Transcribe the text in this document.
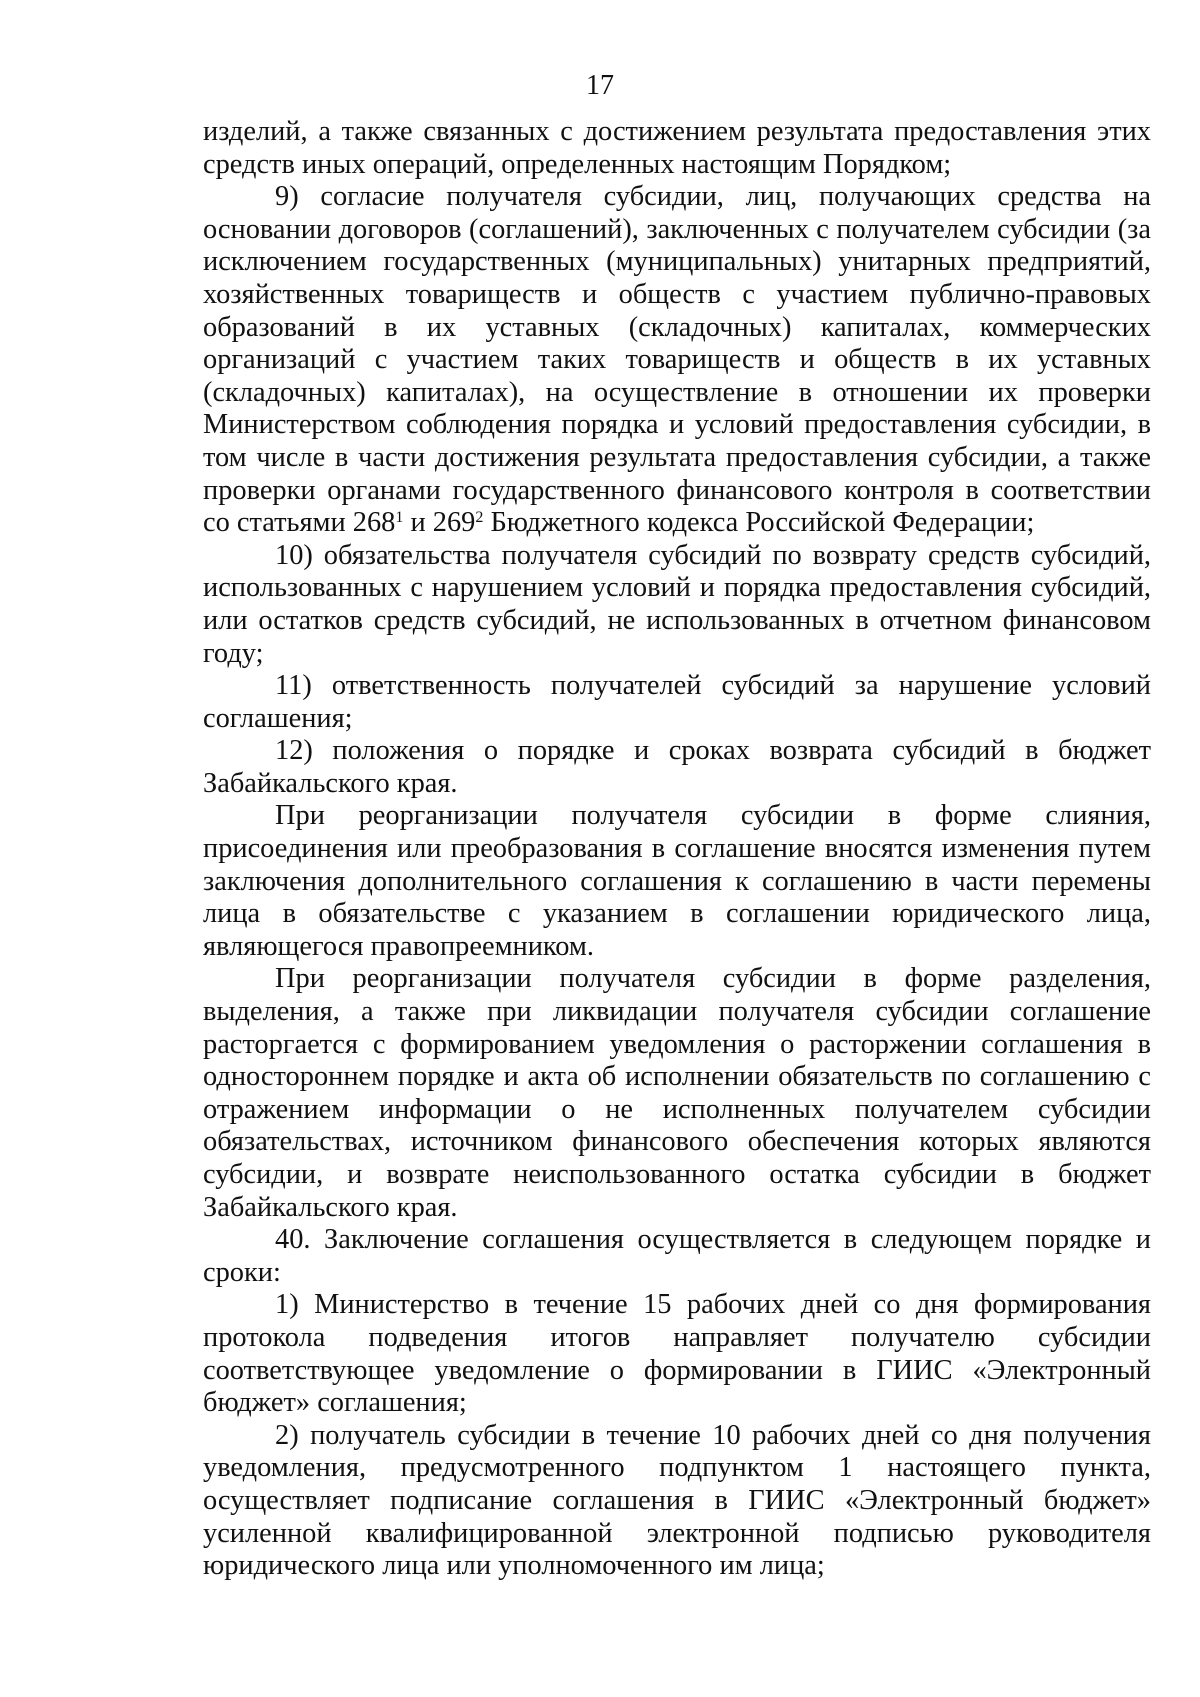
17

изделий, а также связанных с достижением результата предоставления этих средств иных операций, определенных настоящим Порядком;

9) согласие получателя субсидии, лиц, получающих средства на основании договоров (соглашений), заключенных с получателем субсидии (за исключением государственных (муниципальных) унитарных предприятий, хозяйственных товариществ и обществ с участием публично-правовых образований в их уставных (складочных) капиталах, коммерческих организаций с участием таких товариществ и обществ в их уставных (складочных) капиталах), на осуществление в отношении их проверки Министерством соблюдения порядка и условий предоставления субсидии, в том числе в части достижения результата предоставления субсидии, а также проверки органами государственного финансового контроля в соответствии со статьями $268^1$ и $269^2$ Бюджетного кодекса Российской Федерации;

10) обязательства получателя субсидий по возврату средств субсидий, использованных с нарушением условий и порядка предоставления субсидий, или остатков средств субсидий, не использованных в отчетном финансовом году;

11) ответственность получателей субсидий за нарушение условий соглашения;

12) положения о порядке и сроках возврата субсидий в бюджет Забайкальского края.

При реорганизации получателя субсидии в форме слияния, присоединения или преобразования в соглашение вносятся изменения путем заключения дополнительного соглашения к соглашению в части перемены лица в обязательстве с указанием в соглашении юридического лица, являющегося правопреемником.

При реорганизации получателя субсидии в форме разделения, выделения, а также при ликвидации получателя субсидии соглашение расторгается с формированием уведомления о расторжении соглашения в одностороннем порядке и акта об исполнении обязательств по соглашению с отражением информации о не исполненных получателем субсидии обязательствах, источником финансового обеспечения которых являются субсидии, и возврате неиспользованного остатка субсидии в бюджет Забайкальского края.

40. Заключение соглашения осуществляется в следующем порядке и сроки:

1) Министерство в течение 15 рабочих дней со дня формирования протокола подведения итогов направляет получателю субсидии соответствующее уведомление о формировании в ГИИС «Электронный бюджет» соглашения;

2) получатель субсидии в течение 10 рабочих дней со дня получения уведомления, предусмотренного подпунктом 1 настоящего пункта, осуществляет подписание соглашения в ГИИС «Электронный бюджет» усиленной квалифицированной электронной подписью руководителя юридического лица или уполномоченного им лица;
